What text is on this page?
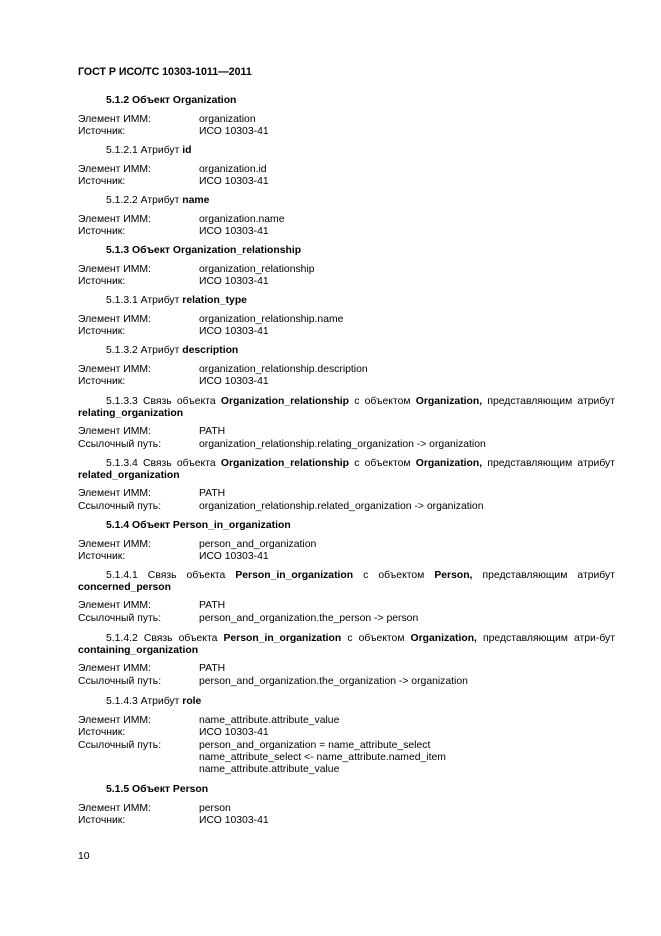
ГОСТ Р ИСО/ТС 10303-1011—2011
5.1.2 Объект Organization
Элемент ИММ:	organization
Источник:	ИСО 10303-41
5.1.2.1 Атрибут id
Элемент ИММ:	organization.id
Источник:	ИСО 10303-41
5.1.2.2 Атрибут name
Элемент ИММ:	organization.name
Источник:	ИСО 10303-41
5.1.3 Объект Organization_relationship
Элемент ИММ:	organization_relationship
Источник:	ИСО 10303-41
5.1.3.1 Атрибут relation_type
Элемент ИММ:	organization_relationship.name
Источник:	ИСО 10303-41
5.1.3.2 Атрибут description
Элемент ИММ:	organization_relationship.description
Источник:	ИСО 10303-41
5.1.3.3 Связь объекта Organization_relationship с объектом Organization, представляющим атрибут relating_organization
Элемент ИММ:	PATH
Ссылочный путь:	organization_relationship.relating_organization -> organization
5.1.3.4 Связь объекта Organization_relationship с объектом Organization, представляющим атрибут related_organization
Элемент ИММ:	PATH
Ссылочный путь:	organization_relationship.related_organization -> organization
5.1.4 Объект Person_in_organization
Элемент ИММ:	person_and_organization
Источник:	ИСО 10303-41
5.1.4.1 Связь объекта Person_in_organization с объектом Person, представляющим атрибут concerned_person
Элемент ИММ:	PATH
Ссылочный путь:	person_and_organization.the_person -> person
5.1.4.2 Связь объекта Person_in_organization с объектом Organization, представляющим атри-бут containing_organization
Элемент ИММ:	PATH
Ссылочный путь:	person_and_organization.the_organization -> organization
5.1.4.3 Атрибут role
Элемент ИММ:	name_attribute.attribute_value
Источник:	ИСО 10303-41
Ссылочный путь:	person_and_organization = name_attribute_select
name_attribute_select <- name_attribute.named_item
name_attribute.attribute_value
5.1.5 Объект Person
Элемент ИММ:	person
Источник:	ИСО 10303-41
10
